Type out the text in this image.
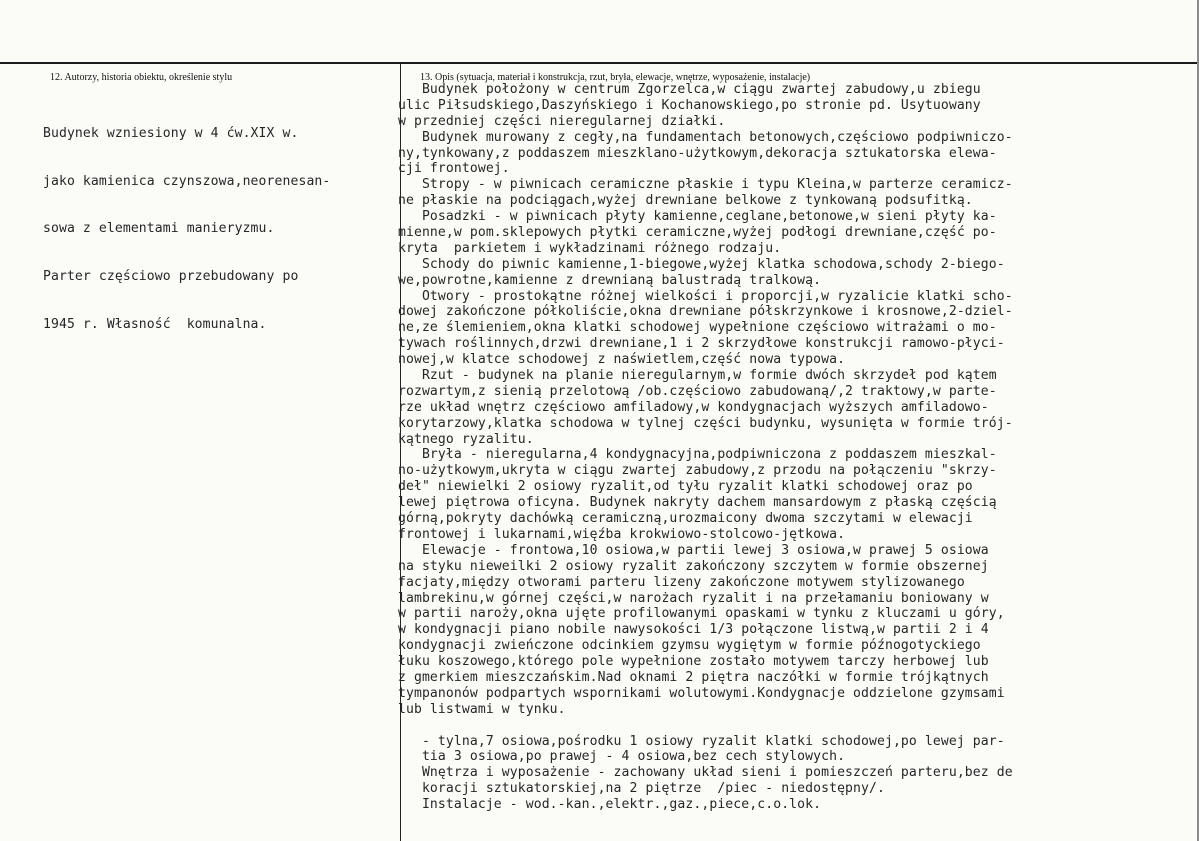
12. Autorzy, historia obiektu, określenie stylu	13. Opis (sytuacja, materiał i konstrukcja, rzut, bryła, elewacje, wnętrze, wyposażenie, instalacje)

Budynek wzniesiony w 4 ćw.XIX w.

jako kamienica czynszowa,neorenesan-

sowa z elementami manieryzmu.

Parter częściowo przebudowany po

1945 r. Własność  komunalna.

Budynek położony w centrum Zgorzelca,w ciągu zwartej zabudowy,u zbiegu
ulic Piłsudskiego,Daszyńskiego i Kochanowskiego,po stronie pd. Usytuowany
w przedniej części nieregularnej działki.
Budynek murowany z cegły,na fundamentach betonowych,częściowo podpiwniczo-
ny,tynkowany,z poddaszem mieszklano-użytkowym,dekoracja sztukatorska elewa-
cji frontowej.
Stropy - w piwnicach ceramiczne płaskie i typu Kleina,w parterze ceramicz-
ne płaskie na podciągach,wyżej drewniane belkowe z tynkowaną podsufitką.
Posadzki - w piwnicach płyty kamienne,ceglane,betonowe,w sieni płyty ka-
mienne,w pom.sklepowych płytki ceramiczne,wyżej podłogi drewniane,część po-
kryta  parkietem i wykładzinami różnego rodzaju.
Schody do piwnic kamienne,1-biegowe,wyżej klatka schodowa,schody 2-biego-
we,powrotne,kamienne z drewnianą balustradą tralkową.
Otwory - prostokątne różnej wielkości i proporcji,w ryzalicie klatki scho-
dowej zakończone półkoliście,okna drewniane półskrzynkowe i krosnowe,2-dziel-
ne,ze ślemieniem,okna klatki schodowej wypełnione częściowo witrażami o mo-
tywach roślinnych,drzwi drewniane,1 i 2 skrzydłowe konstrukcji ramowo-płyci-
nowej,w klatce schodowej z naświetlem,część nowa typowa.
Rzut - budynek na planie nieregularnym,w formie dwóch skrzydeł pod kątem
rozwartym,z sienią przelotową /ob.częściowo zabudowaną/,2 traktowy,w parte-
rze układ wnętrz częściowo amfiladowy,w kondygnacjach wyższych amfiladowo-
korytarzowy,klatka schodowa w tylnej części budynku, wysunięta w formie trój-
kątnego ryzalitu.
Bryła - nieregularna,4 kondygnacyjna,podpiwniczona z poddaszem mieszkal-
no-użytkowym,ukryta w ciągu zwartej zabudowy,z przodu na połączeniu "skrzy-
deł" niewielki 2 osiowy ryzalit,od tyłu ryzalit klatki schodowej oraz po
lewej piętrowa oficyna. Budynek nakryty dachem mansardowym z płaską częścią
górną,pokryty dachówką ceramiczną,urozmaicony dwoma szczytami w elewacji
frontowej i lukarnami,więźba krokwiowo-stolcowo-jętkowa.
Elewacje - frontowa,10 osiowa,w partii lewej 3 osiowa,w prawej 5 osiowa
na styku nieweilki 2 osiowy ryzalit zakończony szczytem w formie obszernej
facjaty,między otworami parteru lizeny zakończone motywem stylizowanego
lambrekinu,w górnej części,w narożach ryzalit i na przełamaniu boniowany w
w partii naroży,okna ujęte profilowanymi opaskami w tynku z kluczami u góry,
w kondygnacji piano nobile nawysokości 1/3 połączone listwą,w partii 2 i 4
kondygnacji zwieńczone odcinkiem gzymsu wygiętym w formie późnogotyckiego
łuku koszowego,którego pole wypełnione zostało motywem tarczy herbowej lub
z gmerkiem mieszczańskim.Nad oknami 2 piętra naczółki w formie trójkątnych
tympanonów podpartych wspornikami wolutowymi.Kondygnacje oddzielone gzymsami
lub listwami w tynku.
- tylna,7 osiowa,pośrodku 1 osiowy ryzalit klatki schodowej,po lewej par-
tia 3 osiowa,po prawej - 4 osiowa,bez cech stylowych.
Wnętrza i wyposażenie - zachowany układ sieni i pomieszczeń parteru,bez de
koracji sztukatorskiej,na 2 piętrze  /piec - niedostępny/.
Instalacje - wod.-kan.,elektr.,gaz.,piece,c.o.lok.
